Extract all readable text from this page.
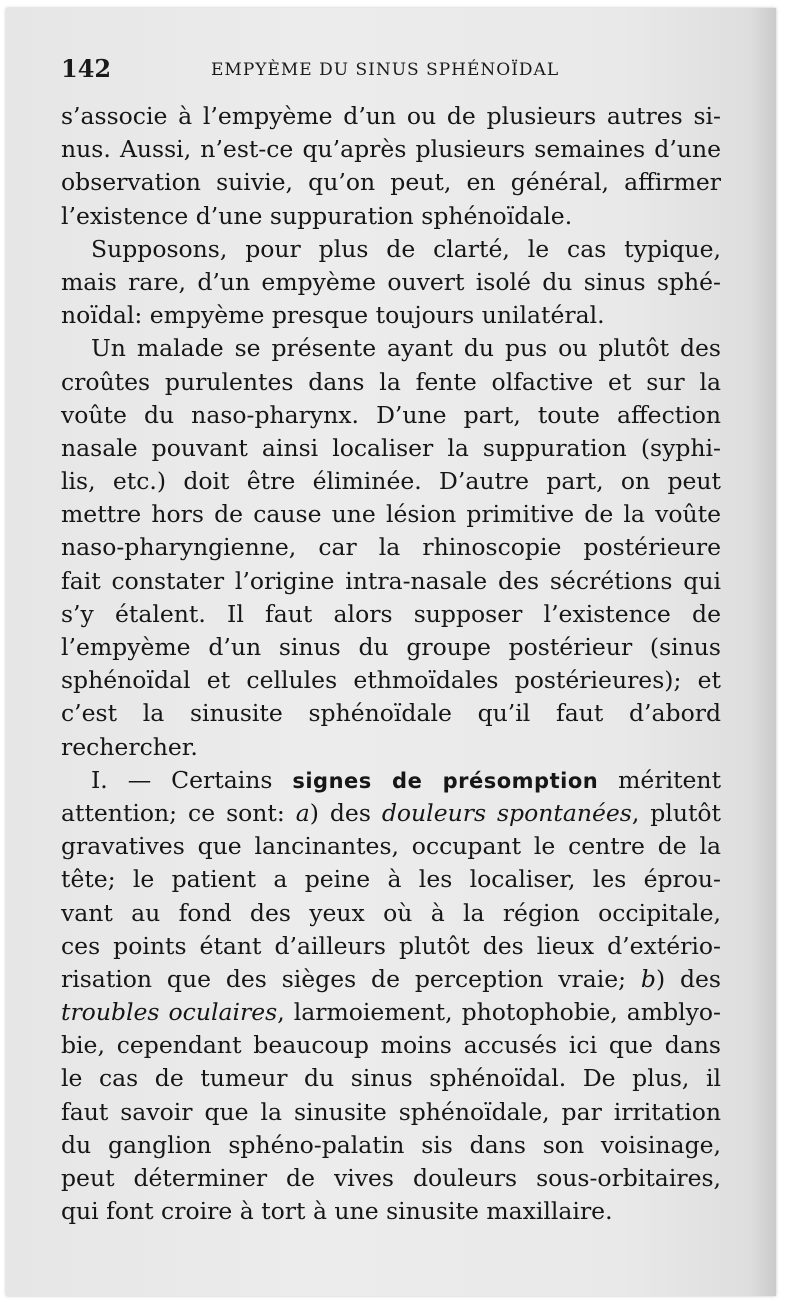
142	EMPYÈME DU SINUS SPHÉNOÏDAL
s’associe à l’empyème d’un ou de plusieurs autres si-
nus. Aussi, n’est-ce qu’après plusieurs semaines d’une
observation suivie, qu’on peut, en général, affirmer
l’existence d’une suppuration sphénoïdale.
Supposons, pour plus de clarté, le cas typique,
mais rare, d’un empyème ouvert isolé du sinus sphé-
noïdal: empyème presque toujours unilatéral.
Un malade se présente ayant du pus ou plutôt des
croûtes purulentes dans la fente olfactive et sur la
voûte du naso-pharynx. D’une part, toute affection
nasale pouvant ainsi localiser la suppuration (syphi-
lis, etc.) doit être éliminée. D’autre part, on peut
mettre hors de cause une lésion primitive de la voûte
naso-pharyngienne, car la rhinoscopie postérieure
fait constater l’origine intra-nasale des sécrétions qui
s’y étalent. Il faut alors supposer l’existence de
l’empyème d’un sinus du groupe postérieur (sinus
sphénoïdal et cellules ethmoïdales postérieures); et
c’est la sinusite sphénoïdale qu’il faut d’abord
rechercher.
I. — Certains signes de présomption méritent
attention; ce sont: a) des douleurs spontanées, plutôt
gravatives que lancinantes, occupant le centre de la
tête; le patient a peine à les localiser, les éprou-
vant au fond des yeux où à la région occipitale,
ces points étant d’ailleurs plutôt des lieux d’extério-
risation que des sièges de perception vraie; b) des
troubles oculaires, larmoiement, photophobie, amblyo-
bie, cependant beaucoup moins accusés ici que dans
le cas de tumeur du sinus sphénoïdal. De plus, il
faut savoir que la sinusite sphénoïdale, par irritation
du ganglion sphéno-palatin sis dans son voisinage,
peut déterminer de vives douleurs sous-orbitaires,
qui font croire à tort à une sinusite maxillaire.
